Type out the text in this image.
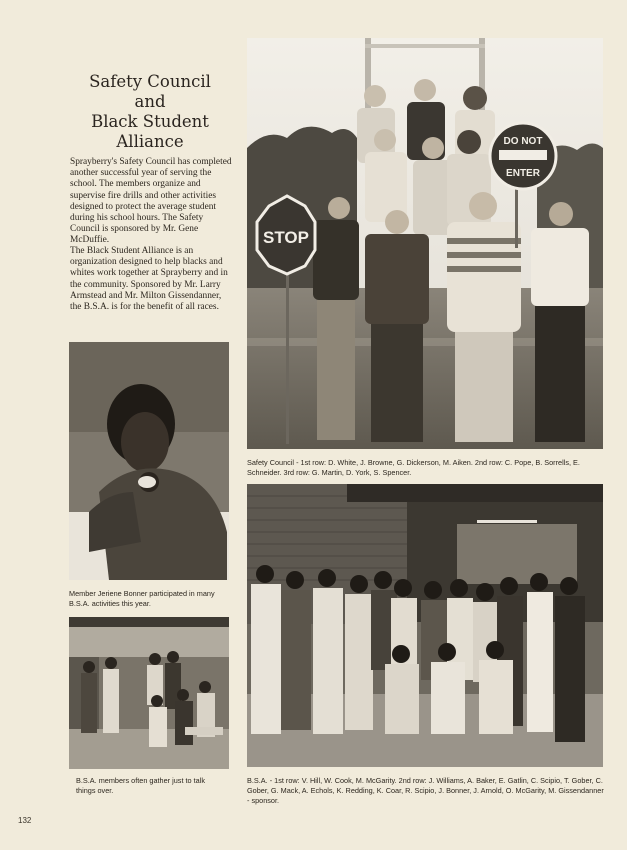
Safety Council
and
Black Student
Alliance

Sprayberry's Safety Council has completed another successful year of serving the school. The members organize and supervise fire drills and other activities designed to protect the average student during his school hours. The Safety Council is sponsored by Mr. Gene McDuffie.

The Black Student Alliance is an organization designed to help blacks and whites work together at Sprayberry and in the community. Sponsored by Mr. Larry Armstead and Mr. Milton Gissendanner, the B.S.A. is for the benefit of all races.

STOP
DO NOT
ENTER

Safety Council - 1st row: D. White, J. Browne, G. Dickerson, M. Aiken. 2nd row: C. Pope, B. Sorrells, E. Schneider. 3rd row: G. Martin, D. York, S. Spencer.

Member Jeriene Bonner participated in many B.S.A. activities this year.

B.S.A. members often gather just to talk things over.

B.S.A. - 1st row: V. Hill, W. Cook, M. McGarity. 2nd row: J. Williams, A. Baker, E. Gatlin, C. Scipio, T. Gober, C. Gober, G. Mack, A. Echols, K. Redding, K. Coar, R. Scipio, J. Bonner, J. Arnold, O. McGarity, M. Gissendanner - sponsor.

132
